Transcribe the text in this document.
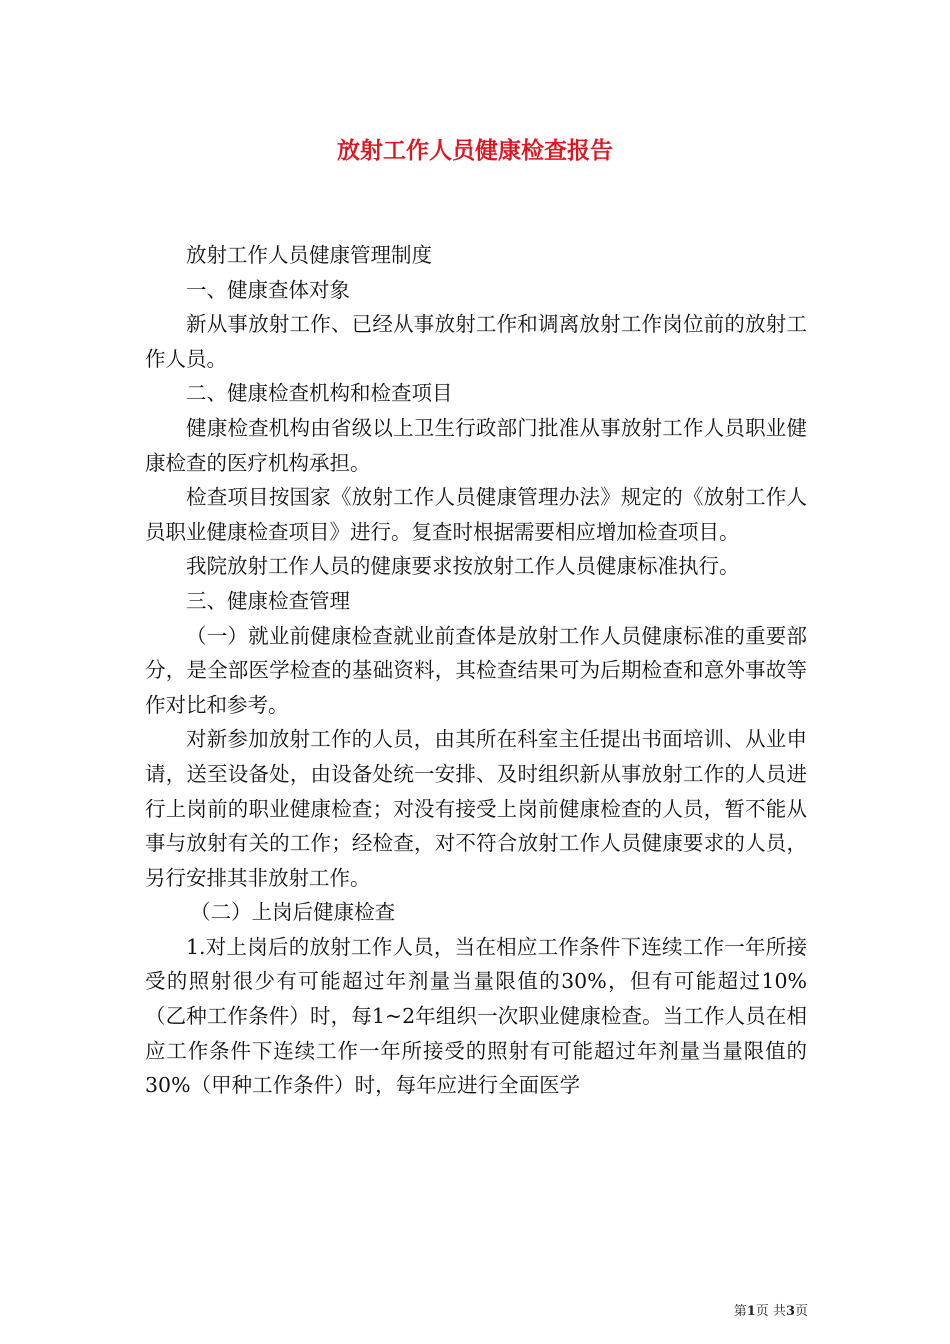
放射工作人员健康检查报告

放射工作人员健康管理制度

一、健康查体对象

新从事放射工作、已经从事放射工作和调离放射工作岗位前的放射工作人员。

二、健康检查机构和检查项目

健康检查机构由省级以上卫生行政部门批准从事放射工作人员职业健康检查的医疗机构承担。

检查项目按国家《放射工作人员健康管理办法》规定的《放射工作人员职业健康检查项目》进行。复查时根据需要相应增加检查项目。

我院放射工作人员的健康要求按放射工作人员健康标准执行。

三、健康检查管理

（一）就业前健康检查就业前查体是放射工作人员健康标准的重要部分，是全部医学检查的基础资料，其检查结果可为后期检查和意外事故等作对比和参考。

对新参加放射工作的人员，由其所在科室主任提出书面培训、从业申请，送至设备处，由设备处统一安排、及时组织新从事放射工作的人员进行上岗前的职业健康检查；对没有接受上岗前健康检查的人员，暂不能从事与放射有关的工作；经检查，对不符合放射工作人员健康要求的人员，另行安排其非放射工作。

（二）上岗后健康检查

1.对上岗后的放射工作人员，当在相应工作条件下连续工作一年所接受的照射很少有可能超过年剂量当量限值的30%，但有可能超过10%（乙种工作条件）时，每1~2年组织一次职业健康检查。当工作人员在相应工作条件下连续工作一年所接受的照射有可能超过年剂量当量限值的30%（甲种工作条件）时，每年应进行全面医学

第1页 共3页
